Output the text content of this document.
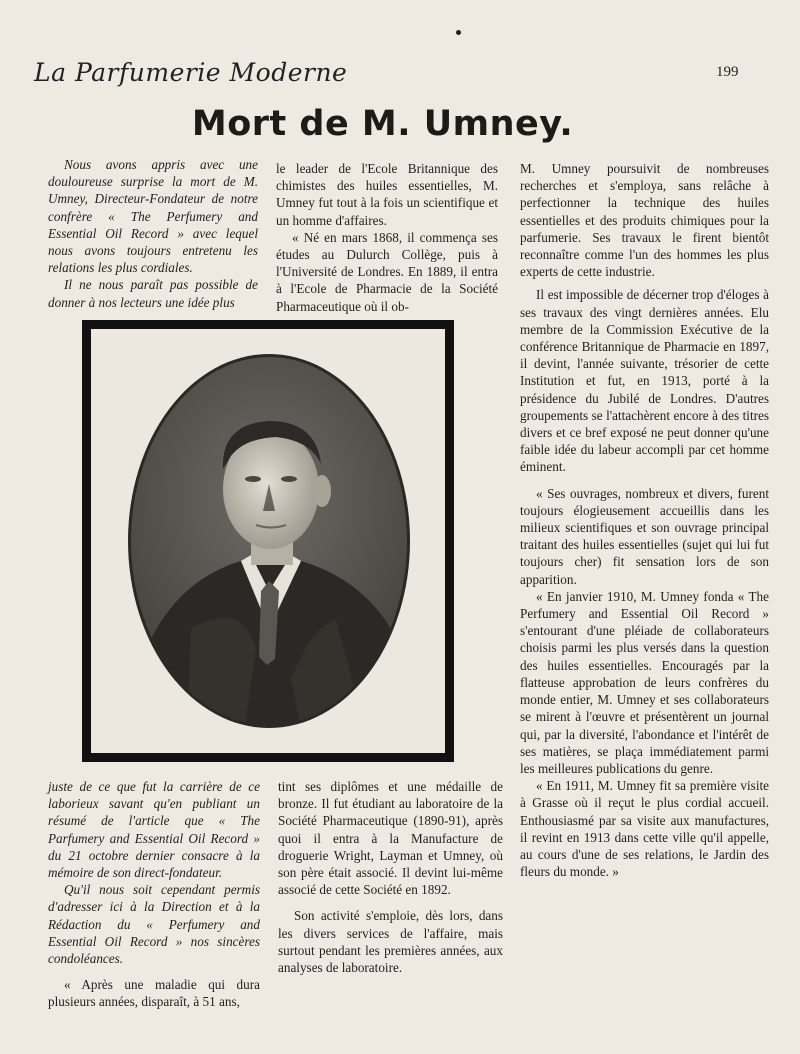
La Parfumerie Moderne	199
Mort de M. Umney.

Nous avons appris avec une douloureuse surprise la mort de M. Umney, Directeur-Fondateur de notre confrère « The Perfumery and Essential Oil Record » avec lequel nous avons toujours entretenu les relations les plus cordiales.

Il ne nous paraît pas possible de donner à nos lecteurs une idée plus

le leader de l'Ecole Britannique des chimistes des huiles essentielles, M. Umney fut tout à la fois un scientifique et un homme d'affaires.

« Né en mars 1868, il commença ses études au Dulurch Collège, puis à l'Université de Londres. En 1889, il entra à l'Ecole de Pharmacie de la Société Pharmaceutique où il ob-

M. Umney poursuivit de nombreuses recherches et s'employa, sans relâche à perfectionner la technique des huiles essentielles et des produits chimiques pour la parfumerie. Ses travaux le firent bientôt reconnaître comme l'un des hommes les plus experts de cette industrie.

Il est impossible de décerner trop d'éloges à ses travaux des vingt dernières années. Elu membre de la Commission Exécutive de la conférence Britannique de Pharmacie en 1897, il devint, l'année suivante, trésorier de cette Institution et fut, en 1913, porté à la présidence du Jubilé de Londres. D'autres groupements se l'attachèrent encore à des titres divers et ce bref exposé ne peut donner qu'une faible idée du labeur accompli par cet homme éminent.

« Ses ouvrages, nombreux et divers, furent toujours élogieusement accueillis dans les milieux scientifiques et son ouvrage principal traitant des huiles essentielles (sujet qui lui fut toujours cher) fit sensation lors de son apparition.

« En janvier 1910, M. Umney fonda « The Perfumery and Essential Oil Record » s'entourant d'une pléiade de collaborateurs choisis parmi les plus versés dans la question des huiles essentielles. Encouragés par la flatteuse approbation de leurs confrères du monde entier, M. Umney et ses collaborateurs se mirent à l'œuvre et présentèrent un journal qui, par la diversité, l'abondance et l'intérêt de ses matières, se plaça immédiatement parmi les meilleures publications du genre.

« En 1911, M. Umney fit sa première visite à Grasse où il reçut le plus cordial accueil. Enthousiasmé par sa visite aux manufactures, il revint en 1913 dans cette ville qu'il appelle, au cours d'une de ses relations, le Jardin des fleurs du monde. »

juste de ce que fut la carrière de ce laborieux savant qu'en publiant un résumé de l'article que « The Parfumery and Essential Oil Record » du 21 octobre dernier consacre à la mémoire de son direct-fondateur.

Qu'il nous soit cependant permis d'adresser ici à la Direction et à la Rédaction du « Perfumery and Essential Oil Record » nos sincères condoléances.

« Après une maladie qui dura plusieurs années, disparaît, à 51 ans,

tint ses diplômes et une médaille de bronze. Il fut étudiant au laboratoire de la Société Pharmaceutique (1890-91), après quoi il entra à la Manufacture de droguerie Wright, Layman et Umney, où son père était associé. Il devint lui-même associé de cette Société en 1892.

Son activité s'emploie, dès lors, dans les divers services de l'affaire, mais surtout pendant les premières années, aux analyses de laboratoire.
